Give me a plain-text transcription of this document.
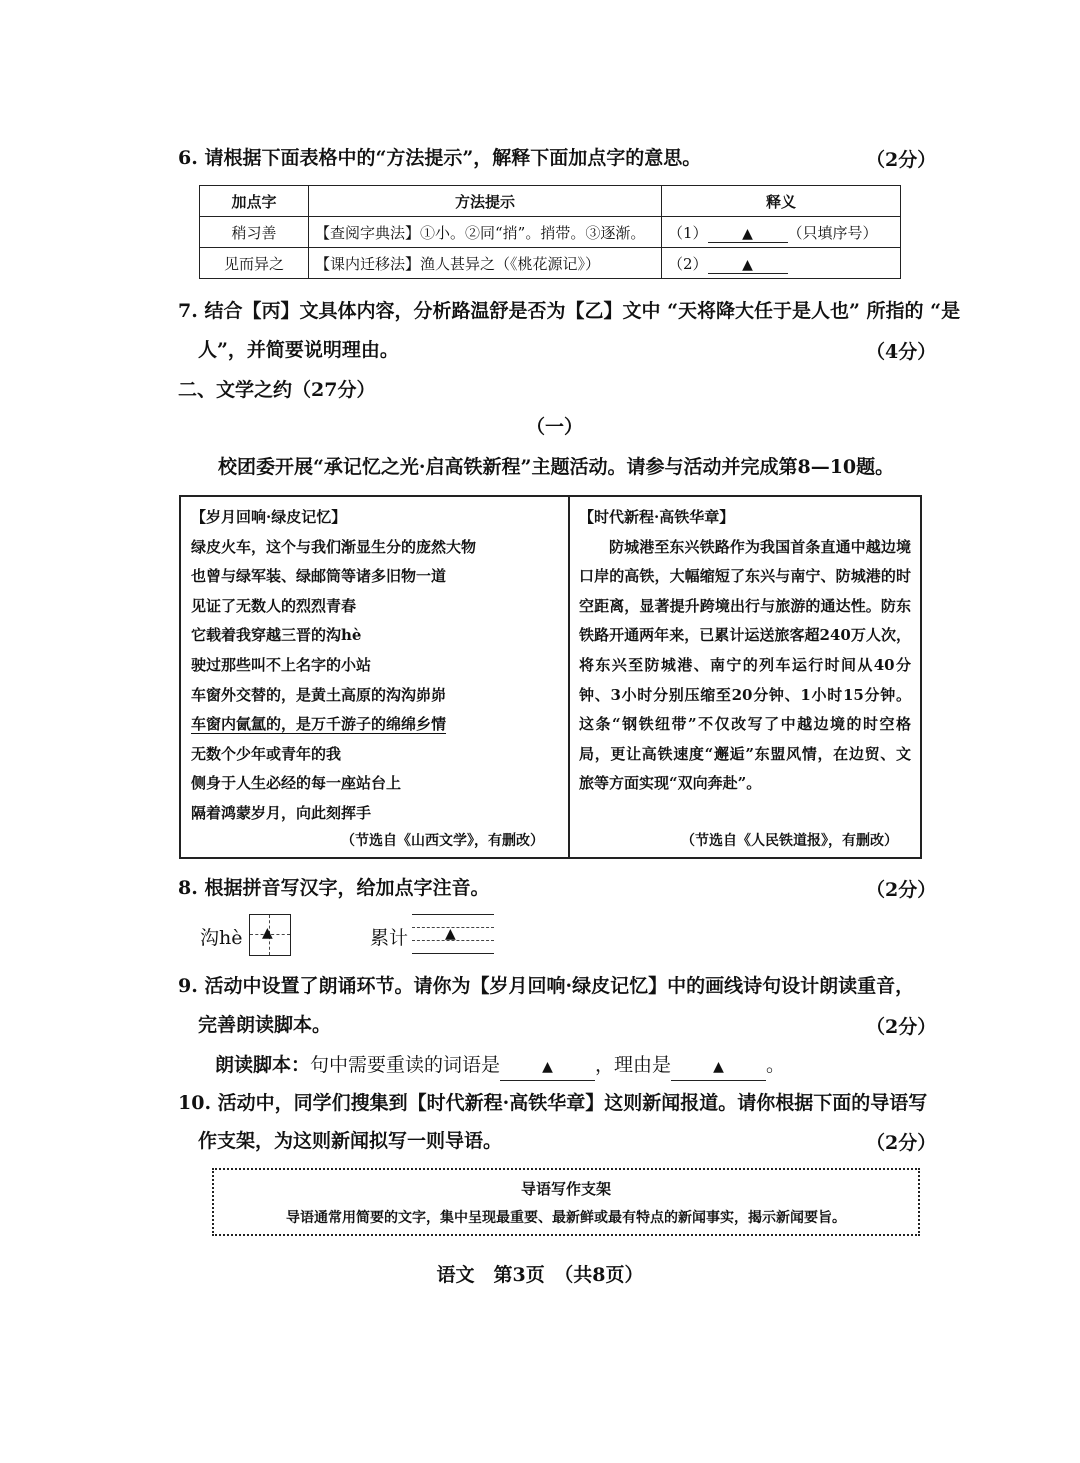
6. 请根据下面表格中的“方法提示”，解释下面加点字的意思。	（2分）
加点字	方法提示	释义
稍习善	【查阅字典法】①小。②同“捎”。捎带。③逐渐。	（1） ▲ （只填序号）
见而异之	【课内迁移法】渔人甚异之（《桃花源记》）	（2） ▲
7. 结合【丙】文具体内容，分析路温舒是否为【乙】文中 “天将降大任于是人也” 所指的 “是
人”，并简要说明理由。	（4分）
二、文学之约（27分）
（一）
校团委开展“承记忆之光·启高铁新程”主题活动。请参与活动并完成第8—10题。
【岁月回响·绿皮记忆】
绿皮火车，这个与我们渐显生分的庞然大物
也曾与绿军装、绿邮筒等诸多旧物一道
见证了无数人的烈烈青春
它载着我穿越三晋的沟hè
驶过那些叫不上名字的小站
车窗外交替的，是黄土高原的沟沟峁峁
车窗内氤氲的，是万千游子的绵绵乡情
无数个少年或青年的我
侧身于人生必经的每一座站台上
隔着鸿蒙岁月，向此刻挥手
（节选自《山西文学》，有删改）
【时代新程·高铁华章】
防城港至东兴铁路作为我国首条直通中越边境口岸的高铁，大幅缩短了东兴与南宁、防城港的时空距离，显著提升跨境出行与旅游的通达性。防东铁路开通两年来，已累计运送旅客超240万人次，将东兴至防城港、南宁的列车运行时间从40分钟、3小时分别压缩至20分钟、1小时15分钟。这条“钢铁纽带”不仅改写了中越边境的时空格局，更让高铁速度“邂逅”东盟风情，在边贸、文旅等方面实现“双向奔赴”。
（节选自《人民铁道报》，有删改）
8. 根据拼音写汉字，给加点字注音。	（2分）
沟hè ▲	累计	▲
9. 活动中设置了朗诵环节。请你为【岁月回响·绿皮记忆】中的画线诗句设计朗读重音，
完善朗读脚本。	（2分）
朗读脚本：句中需要重读的词语是	▲ ，理由是	▲ 。
10. 活动中，同学们搜集到【时代新程·高铁华章】这则新闻报道。请你根据下面的导语写
作支架，为这则新闻拟写一则导语。	（2分）
导语写作支架
导语通常用简要的文字，集中呈现最重要、最新鲜或最有特点的新闻事实，揭示新闻要旨。
语文　第3页　（共8页）
